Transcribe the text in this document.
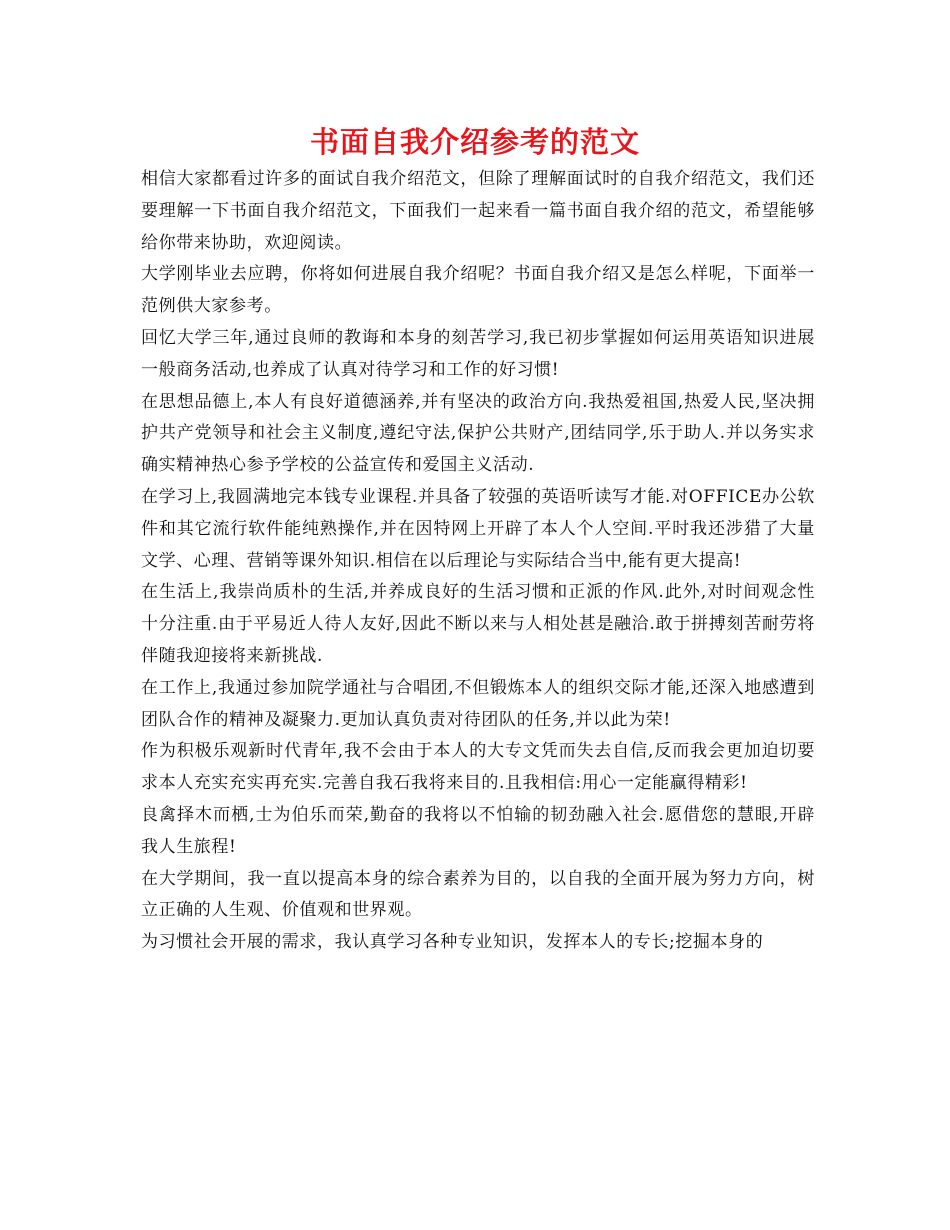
书面自我介绍参考的范文

相信大家都看过许多的面试自我介绍范文，但除了理解面试时的自我介绍范文，我们还要理解一下书面自我介绍范文，下面我们一起来看一篇书面自我介绍的范文，希望能够给你带来协助，欢迎阅读。

大学刚毕业去应聘，你将如何进展自我介绍呢？书面自我介绍又是怎么样呢，下面举一范例供大家参考。

回忆大学三年,通过良师的教诲和本身的刻苦学习,我已初步掌握如何运用英语知识进展一般商务活动,也养成了认真对待学习和工作的好习惯!

在思想品德上,本人有良好道德涵养,并有坚决的政治方向.我热爱祖国,热爱人民,坚决拥护共产党领导和社会主义制度,遵纪守法,保护公共财产,团结同学,乐于助人.并以务实求确实精神热心参予学校的公益宣传和爱国主义活动.

在学习上,我圆满地完本钱专业课程.并具备了较强的英语听读写才能.对OFFICE办公软件和其它流行软件能纯熟操作,并在因特网上开辟了本人个人空间.平时我还涉猎了大量文学、心理、营销等课外知识.相信在以后理论与实际结合当中,能有更大提高!

在生活上,我崇尚质朴的生活,并养成良好的生活习惯和正派的作风.此外,对时间观念性十分注重.由于平易近人待人友好,因此不断以来与人相处甚是融洽.敢于拼搏刻苦耐劳将伴随我迎接将来新挑战.

在工作上,我通过参加院学通社与合唱团,不但锻炼本人的组织交际才能,还深入地感遭到团队合作的精神及凝聚力.更加认真负责对待团队的任务,并以此为荣!

作为积极乐观新时代青年,我不会由于本人的大专文凭而失去自信,反而我会更加迫切要求本人充实充实再充实.完善自我石我将来目的.且我相信:用心一定能赢得精彩!

良禽择木而栖,士为伯乐而荣,勤奋的我将以不怕输的韧劲融入社会.愿借您的慧眼,开辟我人生旅程!

在大学期间，我一直以提高本身的综合素养为目的，以自我的全面开展为努力方向，树立正确的人生观、价值观和世界观。

为习惯社会开展的需求，我认真学习各种专业知识，发挥本人的专长;挖掘本身的
